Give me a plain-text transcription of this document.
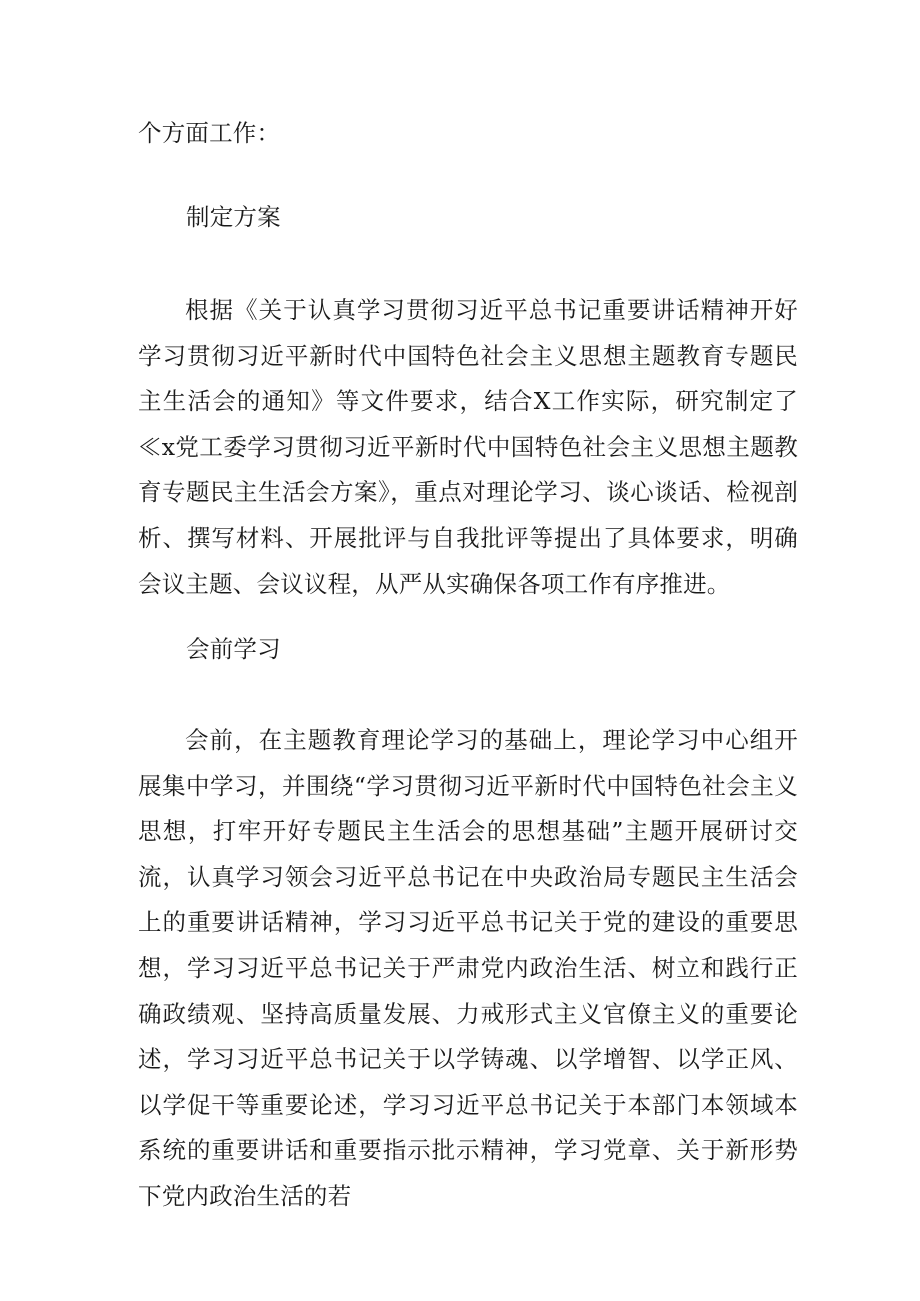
个方面工作：
制定方案

根据《关于认真学习贯彻习近平总书记重要讲话精神开好学习贯彻习近平新时代中国特色社会主义思想主题教育专题民主生活会的通知》等文件要求，结合X工作实际，研究制定了≪x党工委学习贯彻习近平新时代中国特色社会主义思想主题教育专题民主生活会方案》，重点对理论学习、谈心谈话、检视剖析、撰写材料、开展批评与自我批评等提出了具体要求，明确会议主题、会议议程，从严从实确保各项工作有序推进。

会前学习

会前，在主题教育理论学习的基础上，理论学习中心组开展集中学习，并围绕“学习贯彻习近平新时代中国特色社会主义思想，打牢开好专题民主生活会的思想基础”主题开展研讨交流，认真学习领会习近平总书记在中央政治局专题民主生活会上的重要讲话精神，学习习近平总书记关于党的建设的重要思想，学习习近平总书记关于严肃党内政治生活、树立和践行正确政绩观、坚持高质量发展、力戒形式主义官僚主义的重要论述，学习习近平总书记关于以学铸魂、以学增智、以学正风、以学促干等重要论述，学习习近平总书记关于本部门本领域本系统的重要讲话和重要指示批示精神，学习党章、关于新形势下党内政治生活的若
